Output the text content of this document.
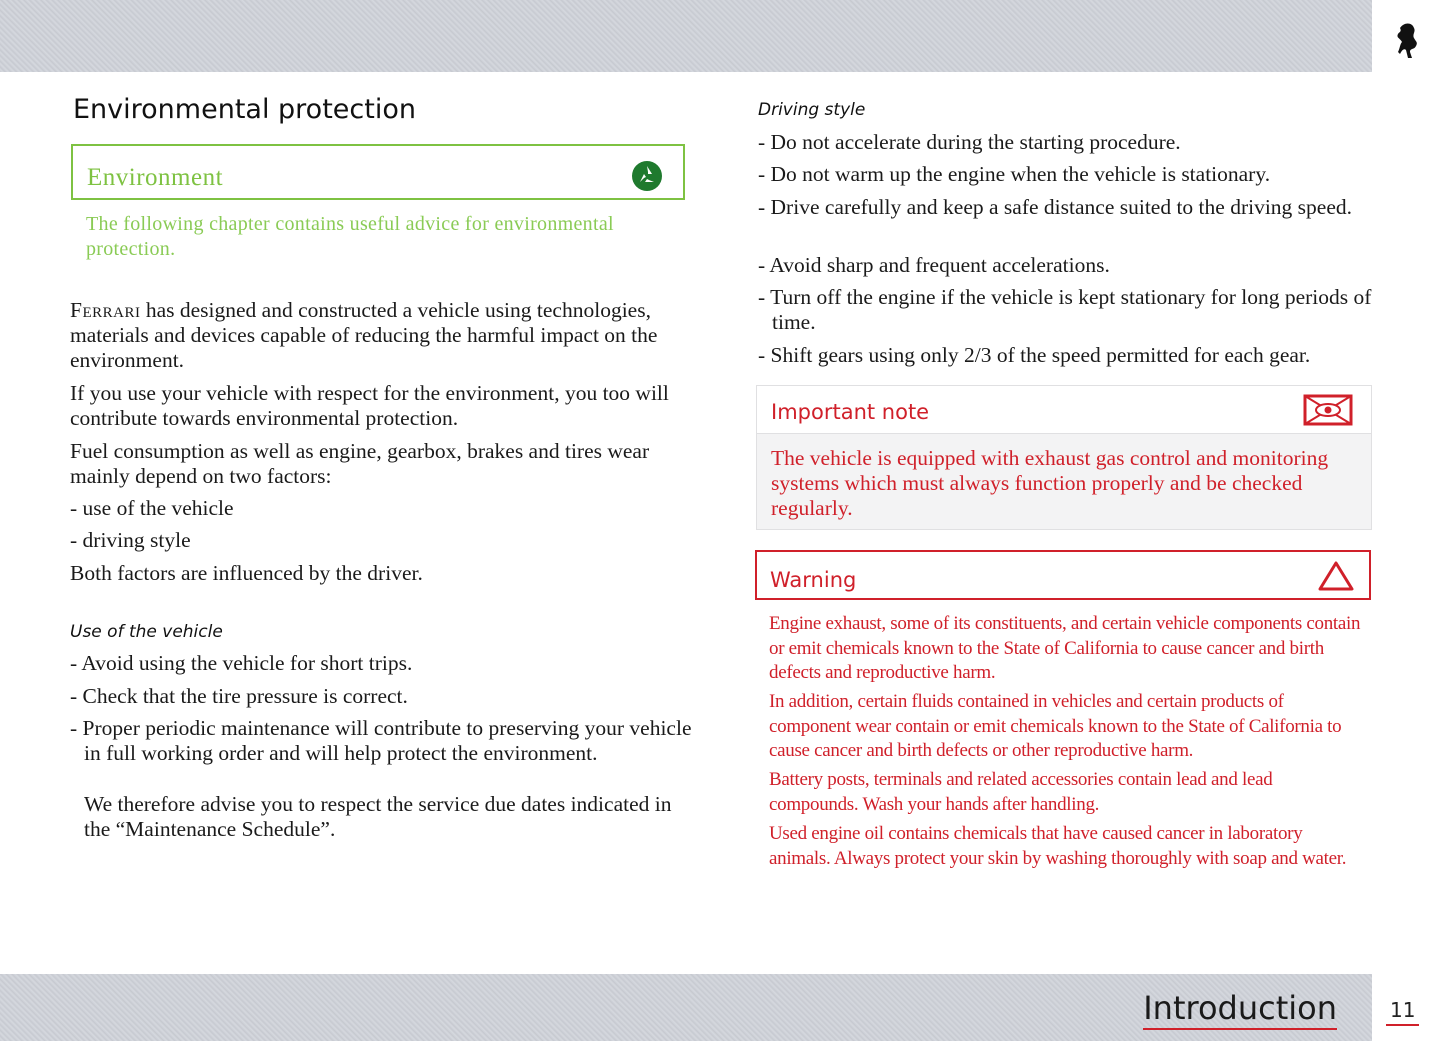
Environmental protection
Environment
The following chapter contains useful advice for environmental protection.

Ferrari has designed and constructed a vehicle using technologies, materials and devices capable of reducing the harmful impact on the environment.

If you use your vehicle with respect for the environment, you too will contribute towards environmental protection.

Fuel consumption as well as engine, gearbox, brakes and tires wear mainly depend on two factors:

- use of the vehicle
- driving style

Both factors are influenced by the driver.

Use of the vehicle
- Avoid using the vehicle for short trips.
- Check that the tire pressure is correct.
- Proper periodic maintenance will contribute to preserving your vehicle in full working order and will help protect the environment.
We therefore advise you to respect the service due dates indicated in the “Maintenance Schedule”.
Driving style
- Do not accelerate during the starting procedure.
- Do not warm up the engine when the vehicle is stationary.
- Drive carefully and keep a safe distance suited to the driving speed.
- Avoid sharp and frequent accelerations.
- Turn off the engine if the vehicle is kept stationary for long periods of time.
- Shift gears using only 2/3 of the speed permitted for each gear.
Important note
The vehicle is equipped with exhaust gas control and monitoring systems which must always function properly and be checked regularly.
Warning

Engine exhaust, some of its constituents, and certain vehicle components contain or emit chemicals known to the State of California to cause cancer and birth defects and reproductive harm.

In addition, certain fluids contained in vehicles and certain products of component wear contain or emit chemicals known to the State of California to cause cancer and birth defects or other reproductive harm.

Battery posts, terminals and related accessories contain lead and lead compounds. Wash your hands after handling.

Used engine oil contains chemicals that have caused cancer in laboratory animals. Always protect your skin by washing thoroughly with soap and water.

Introduction	11
